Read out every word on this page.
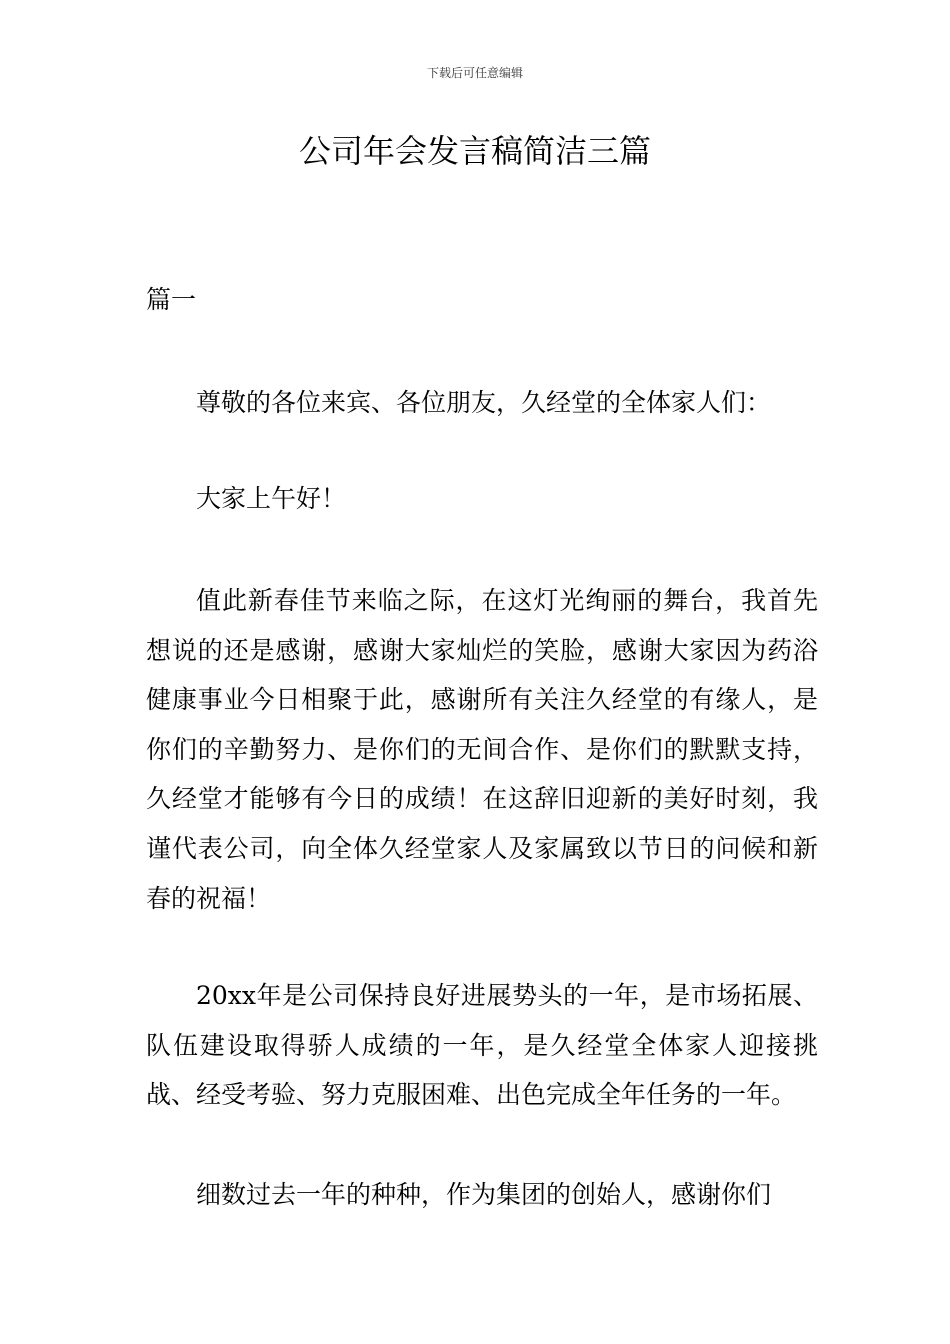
下载后可任意编辑
公司年会发言稿简洁三篇

篇一

尊敬的各位来宾、各位朋友，久经堂的全体家人们：

大家上午好！

值此新春佳节来临之际，在这灯光绚丽的舞台，我首先想说的还是感谢，感谢大家灿烂的笑脸，感谢大家因为药浴健康事业今日相聚于此，感谢所有关注久经堂的有缘人，是你们的辛勤努力、是你们的无间合作、是你们的默默支持，久经堂才能够有今日的成绩！在这辞旧迎新的美好时刻，我谨代表公司，向全体久经堂家人及家属致以节日的问候和新春的祝福！

20xx年是公司保持良好进展势头的一年，是市场拓展、队伍建设取得骄人成绩的一年，是久经堂全体家人迎接挑战、经受考验、努力克服困难、出色完成全年任务的一年。

细数过去一年的种种，作为集团的创始人，感谢你们
